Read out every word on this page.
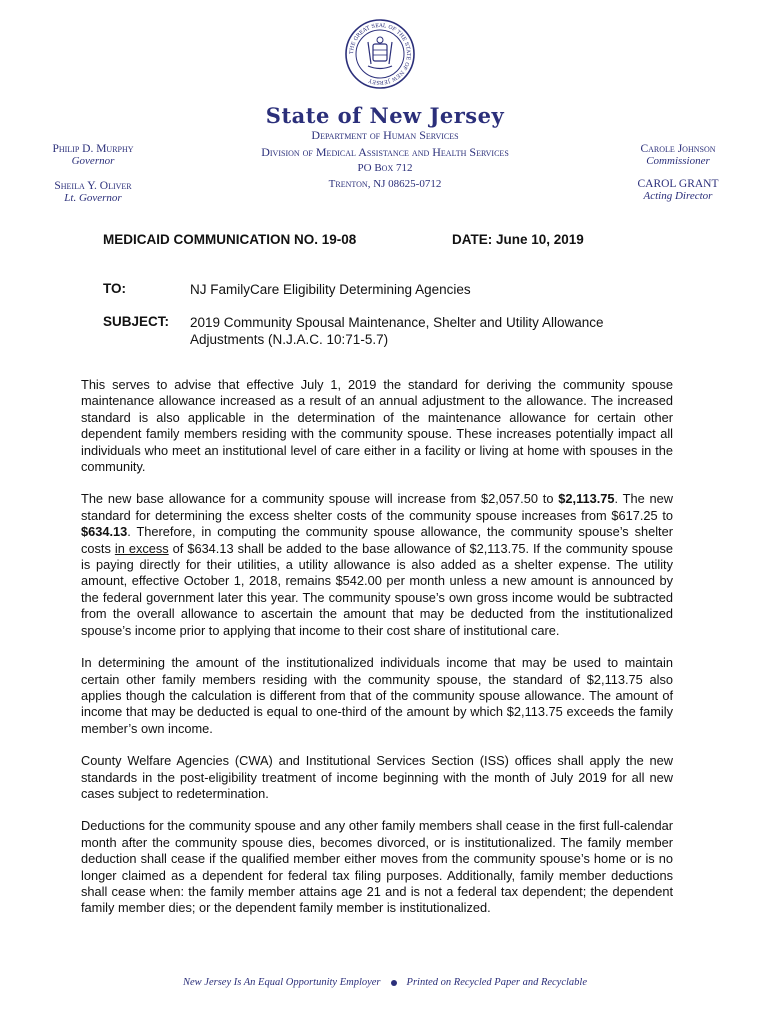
THE GREAT SEAL OF THE STATE OF NEW JERSEY
State of New Jersey
Department of Human Services
Division of Medical Assistance and Health Services
PO Box 712
Trenton, NJ 08625-0712
Philip D. Murphy
Governor
Sheila Y. Oliver
Lt. Governor
Carole Johnson
Commissioner
CAROL GRANT
Acting Director
MEDICAID COMMUNICATION NO. 19-08	DATE: June 10, 2019
TO:	NJ FamilyCare Eligibility Determining Agencies
SUBJECT: 2019 Community Spousal Maintenance, Shelter and Utility Allowance
Adjustments (N.J.A.C. 10:71-5.7)

This serves to advise that effective July 1, 2019 the standard for deriving the community spouse maintenance allowance increased as a result of an annual adjustment to the allowance. The increased standard is also applicable in the determination of the maintenance allowance for certain other dependent family members residing with the community spouse. These increases potentially impact all individuals who meet an institutional level of care either in a facility or living at home with spouses in the community.

The new base allowance for a community spouse will increase from $2,057.50 to $2,113.75. The new standard for determining the excess shelter costs of the community spouse increases from $617.25 to $634.13. Therefore, in computing the community spouse allowance, the community spouse’s shelter costs in excess of $634.13 shall be added to the base allowance of $2,113.75. If the community spouse is paying directly for their utilities, a utility allowance is also added as a shelter expense. The utility amount, effective October 1, 2018, remains $542.00 per month unless a new amount is announced by the federal government later this year. The community spouse’s own gross income would be subtracted from the overall allowance to ascertain the amount that may be deducted from the institutionalized spouse’s income prior to applying that income to their cost share of institutional care.

In determining the amount of the institutionalized individuals income that may be used to maintain certain other family members residing with the community spouse, the standard of $2,113.75 also applies though the calculation is different from that of the community spouse allowance. The amount of income that may be deducted is equal to one-third of the amount by which $2,113.75 exceeds the family member’s own income.

County Welfare Agencies (CWA) and Institutional Services Section (ISS) offices shall apply the new standards in the post-eligibility treatment of income beginning with the month of July 2019 for all new cases subject to redetermination.

Deductions for the community spouse and any other family members shall cease in the first full-calendar month after the community spouse dies, becomes divorced, or is institutionalized. The family member deduction shall cease if the qualified member either moves from the community spouse’s home or is no longer claimed as a dependent for federal tax filing purposes. Additionally, family member deductions shall cease when: the family member attains age 21 and is not a federal tax dependent; the dependent family member dies; or the dependent family member is institutionalized.

New Jersey Is An Equal Opportunity Employer Printed on Recycled Paper and Recyclable
